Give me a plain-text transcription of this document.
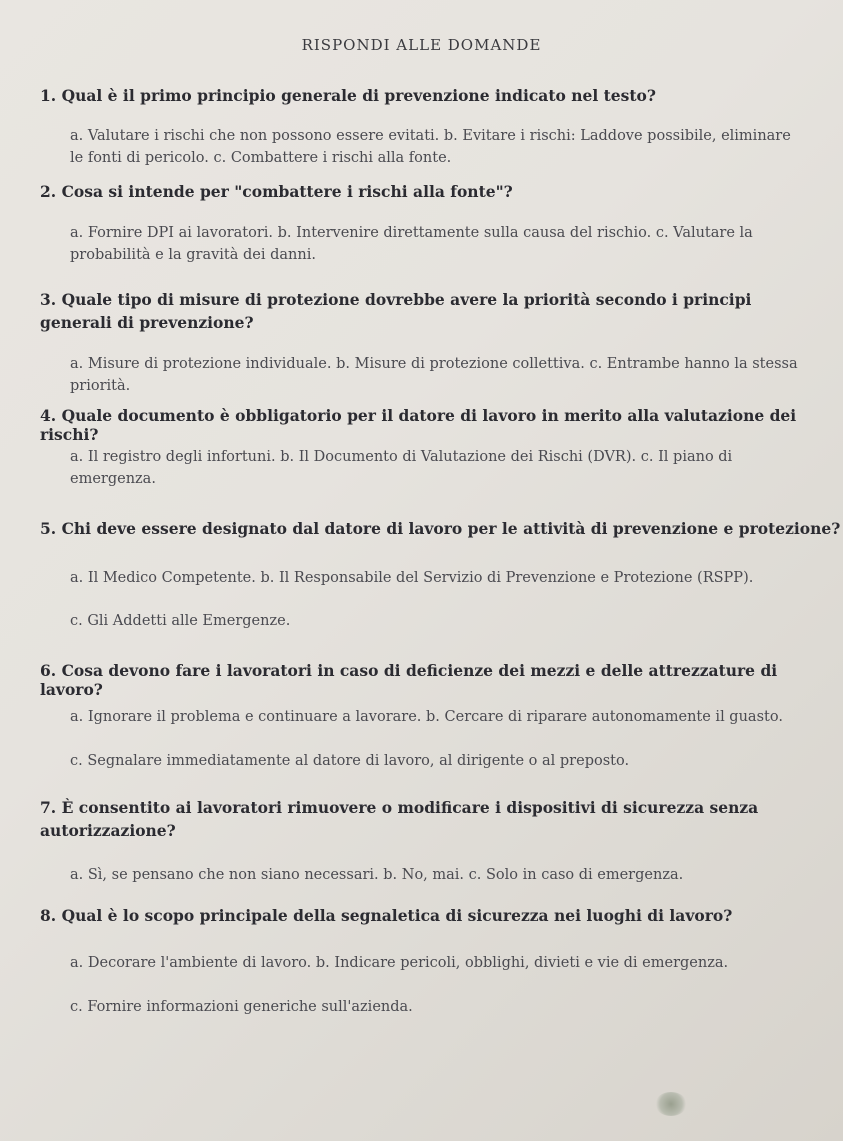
RISPONDI ALLE DOMANDE
1. Qual è il primo principio generale di prevenzione indicato nel testo?
a. Valutare i rischi che non possono essere evitati. b. Evitare i rischi: Laddove possibile, eliminare le fonti di pericolo. c. Combattere i rischi alla fonte.
2. Cosa si intende per "combattere i rischi alla fonte"?
a. Fornire DPI ai lavoratori. b. Intervenire direttamente sulla causa del rischio. c. Valutare la probabilità e la gravità dei danni.
3. Quale tipo di misure di protezione dovrebbe avere la priorità secondo i principi generali di prevenzione?
a. Misure di protezione individuale. b. Misure di protezione collettiva. c. Entrambe hanno la stessa priorità.
4. Quale documento è obbligatorio per il datore di lavoro in merito alla valutazione dei rischi?
a. Il registro degli infortuni. b. Il Documento di Valutazione dei Rischi (DVR). c. Il piano di emergenza.
5. Chi deve essere designato dal datore di lavoro per le attività di prevenzione e protezione?
a. Il Medico Competente. b. Il Responsabile del Servizio di Prevenzione e Protezione (RSPP).
c. Gli Addetti alle Emergenze.
6. Cosa devono fare i lavoratori in caso di deficienze dei mezzi e delle attrezzature di lavoro?
a. Ignorare il problema e continuare a lavorare. b. Cercare di riparare autonomamente il guasto.
c. Segnalare immediatamente al datore di lavoro, al dirigente o al preposto.
7. È consentito ai lavoratori rimuovere o modificare i dispositivi di sicurezza senza autorizzazione?
a. Sì, se pensano che non siano necessari. b. No, mai. c. Solo in caso di emergenza.
8. Qual è lo scopo principale della segnaletica di sicurezza nei luoghi di lavoro?
a. Decorare l'ambiente di lavoro. b. Indicare pericoli, obblighi, divieti e vie di emergenza.
c. Fornire informazioni generiche sull'azienda.
